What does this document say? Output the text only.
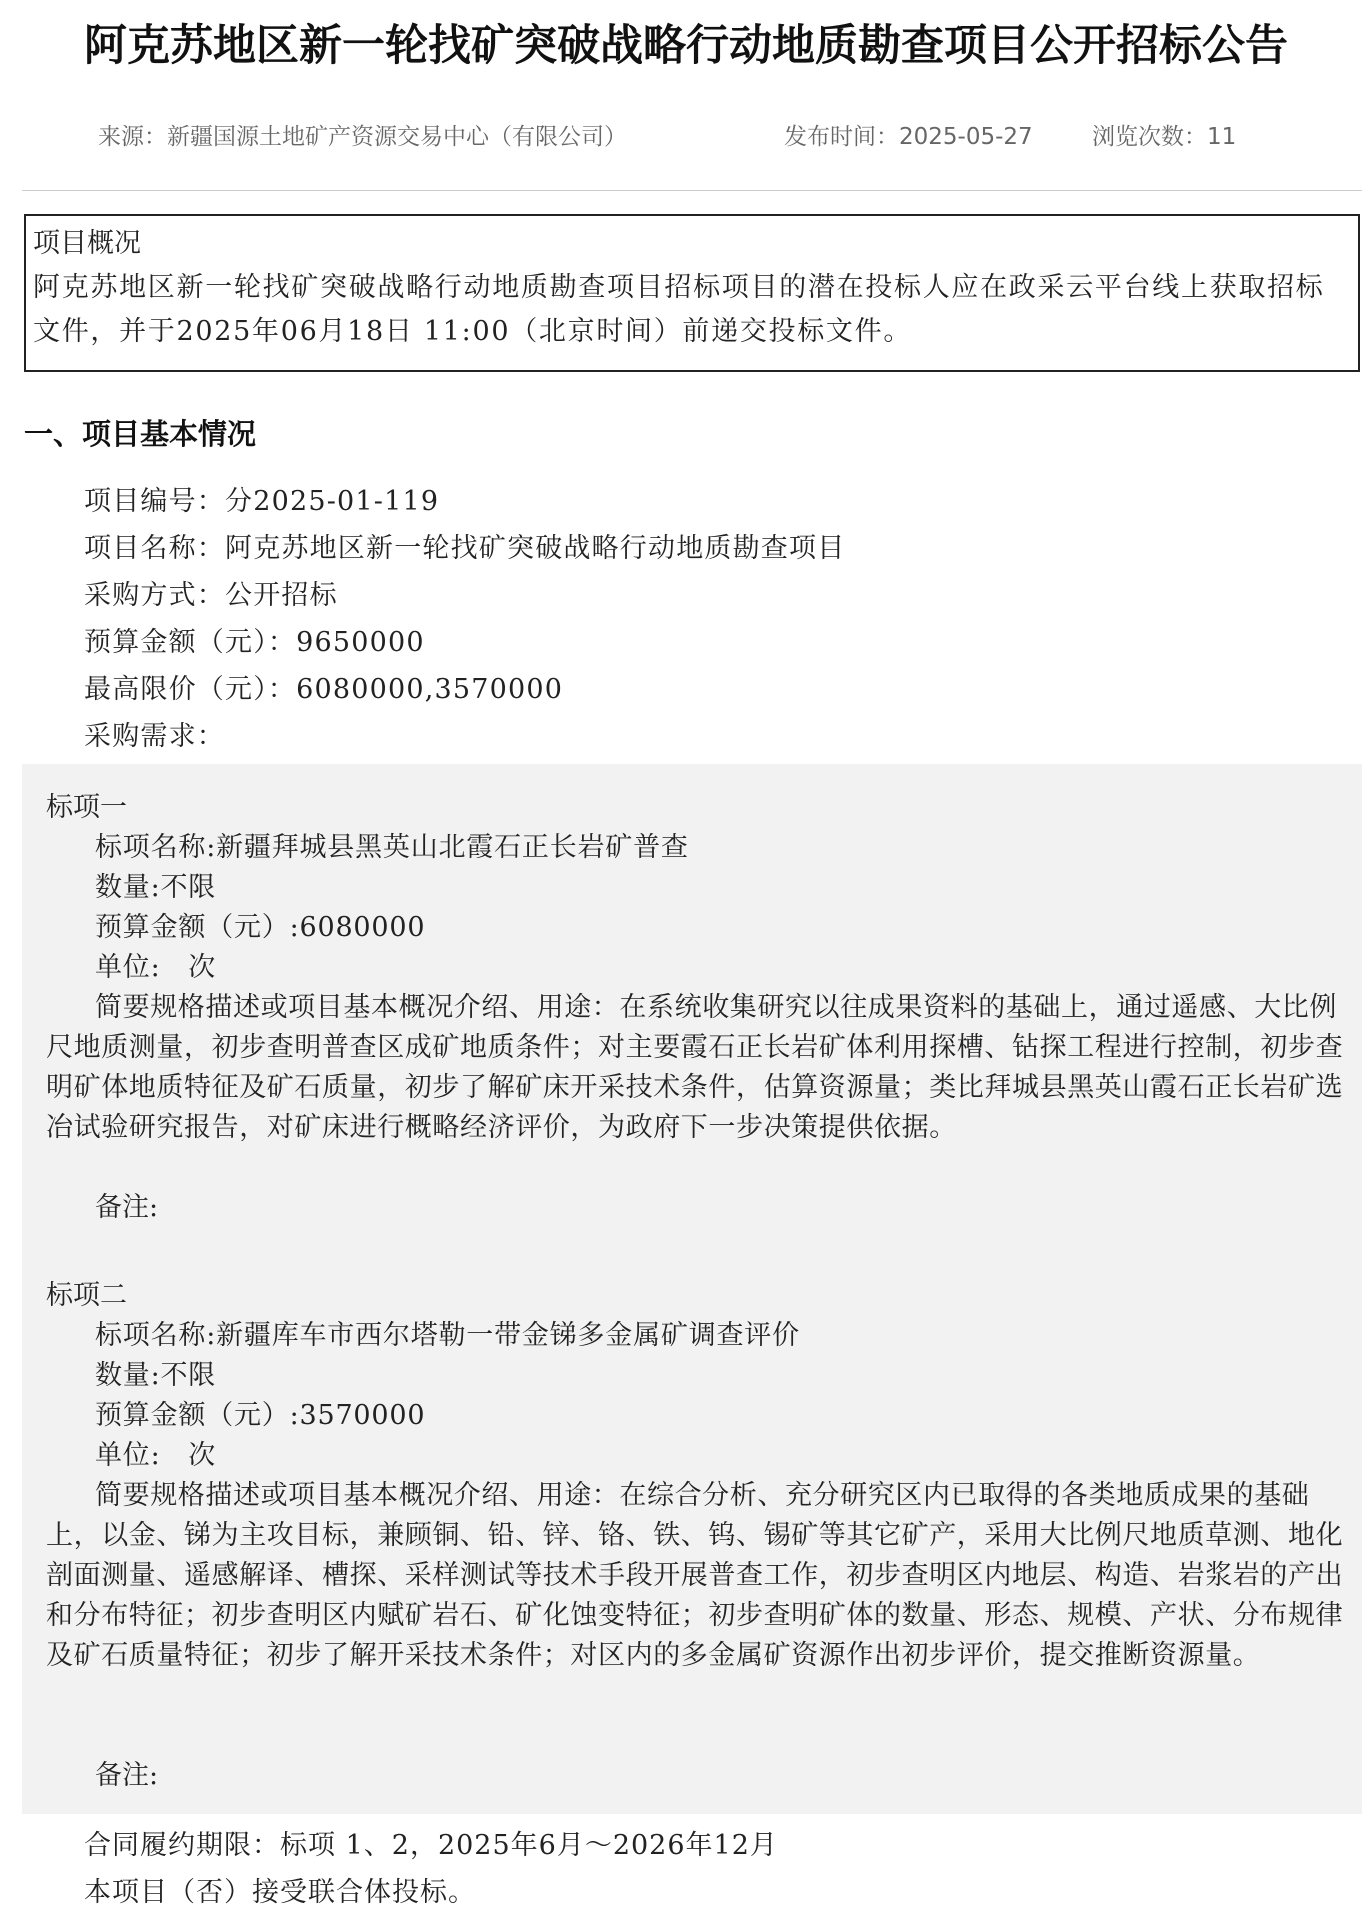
阿克苏地区新一轮找矿突破战略行动地质勘查项目公开招标公告
来源：新疆国源土地矿产资源交易中心（有限公司）	发布时间：2025-05-27	浏览次数：11
项目概况
阿克苏地区新一轮找矿突破战略行动地质勘查项目招标项目的潜在投标人应在政采云平台线上获取招标文件，并于2025年06月18日 11:00（北京时间）前递交投标文件。
一、项目基本情况
项目编号：分2025-01-119
项目名称：阿克苏地区新一轮找矿突破战略行动地质勘查项目
采购方式：公开招标
预算金额（元）：9650000
最高限价（元）：6080000,3570000
采购需求：
标项一
标项名称:新疆拜城县黑英山北霞石正长岩矿普查
数量:不限
预算金额（元）:6080000
单位:　次
简要规格描述或项目基本概况介绍、用途：在系统收集研究以往成果资料的基础上，通过遥感、大比例尺地质测量，初步查明普查区成矿地质条件；对主要霞石正长岩矿体利用探槽、钻探工程进行控制，初步查明矿体地质特征及矿石质量，初步了解矿床开采技术条件，估算资源量；类比拜城县黑英山霞石正长岩矿选冶试验研究报告，对矿床进行概略经济评价，为政府下一步决策提供依据。
备注:
标项二
标项名称:新疆库车市西尔塔勒一带金锑多金属矿调查评价
数量:不限
预算金额（元）:3570000
单位:　次
简要规格描述或项目基本概况介绍、用途：在综合分析、充分研究区内已取得的各类地质成果的基础上，以金、锑为主攻目标，兼顾铜、铅、锌、铬、铁、钨、锡矿等其它矿产，采用大比例尺地质草测、地化剖面测量、遥感解译、槽探、采样测试等技术手段开展普查工作，初步查明区内地层、构造、岩浆岩的产出和分布特征；初步查明区内赋矿岩石、矿化蚀变特征；初步查明矿体的数量、形态、规模、产状、分布规律及矿石质量特征；初步了解开采技术条件；对区内的多金属矿资源作出初步评价，提交推断资源量。
备注:
合同履约期限：标项 1、2，2025年6月～2026年12月
本项目（否）接受联合体投标。
